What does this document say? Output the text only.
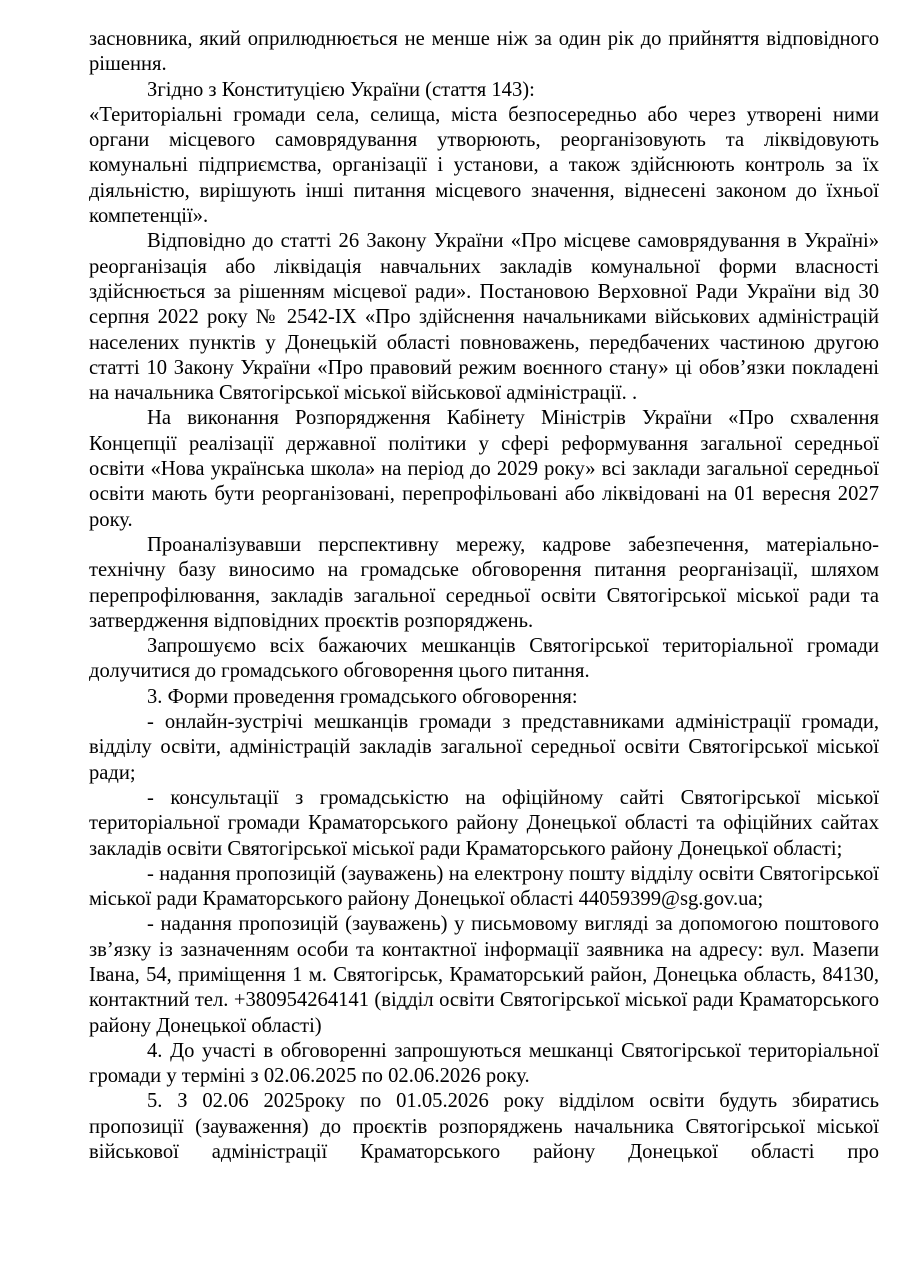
засновника, який оприлюднюється не менше ніж за один рік до прийняття відповідного рішення.

Згідно з Конституцією України (стаття 143):

«Територіальні громади села, селища, міста безпосередньо або через утворені ними органи місцевого самоврядування утворюють, реорганізовують та ліквідовують комунальні підприємства, організації і установи, а також здійснюють контроль за їх діяльністю, вирішують інші питання місцевого значення, віднесені законом до їхньої компетенції».

Відповідно до статті 26 Закону України «Про місцеве самоврядування в Україні» реорганізація або ліквідація навчальних закладів комунальної форми власності здійснюється за рішенням місцевої ради». Постановою Верховної Ради України від 30 серпня 2022 року № 2542-ІХ «Про здійснення начальниками військових адміністрацій населених пунктів у Донецькій області повноважень, передбачених частиною другою статті 10 Закону України «Про правовий режим воєнного стану» ці обов’язки покладені на начальника Святогірської міської військової адміністрації. .

На виконання Розпорядження Кабінету Міністрів України «Про схвалення Концепції реалізації державної політики у сфері реформування загальної середньої освіти «Нова українська школа» на період до 2029 року» всі заклади загальної середньої освіти мають бути реорганізовані, перепрофільовані або ліквідовані на 01 вересня 2027 року.

Проаналізувавши перспективну мережу, кадрове забезпечення, матеріально-технічну базу виносимо на громадське обговорення питання реорганізації, шляхом перепрофілювання, закладів загальної середньої освіти Святогірської міської ради та затвердження відповідних проєктів розпоряджень.

Запрошуємо всіх бажаючих мешканців Святогірської територіальної громади долучитися до громадського обговорення цього питання.

3. Форми проведення громадського обговорення:

- онлайн-зустрічі мешканців громади з представниками адміністрації громади, відділу освіти, адміністрацій закладів загальної середньої освіти Святогірської міської ради;

- консультації з громадськістю на офіційному сайті Святогірської міської територіальної громади Краматорського району Донецької області та офіційних сайтах закладів освіти Святогірської міської ради Краматорського району Донецької області;

- надання пропозицій (зауважень) на електрону пошту відділу освіти Святогірської міської ради Краматорського району Донецької області 44059399@sg.gov.ua;

- надання пропозицій (зауважень) у письмовому вигляді за допомогою поштового зв’язку із зазначенням особи та контактної інформації заявника на адресу: вул. Мазепи Івана, 54, приміщення 1 м. Святогірськ, Краматорський район, Донецька область, 84130, контактний тел. +380954264141 (відділ освіти Святогірської міської ради Краматорського району Донецької області)

4. До участі в обговоренні запрошуються мешканці Святогірської територіальної громади у терміні з 02.06.2025 по 02.06.2026 року.

5. З 02.06 2025року по 01.05.2026 року відділом освіти будуть збиратись пропозиції (зауваження) до проєктів розпоряджень начальника Святогірської міської військової адміністрації Краматорського району Донецької області про
